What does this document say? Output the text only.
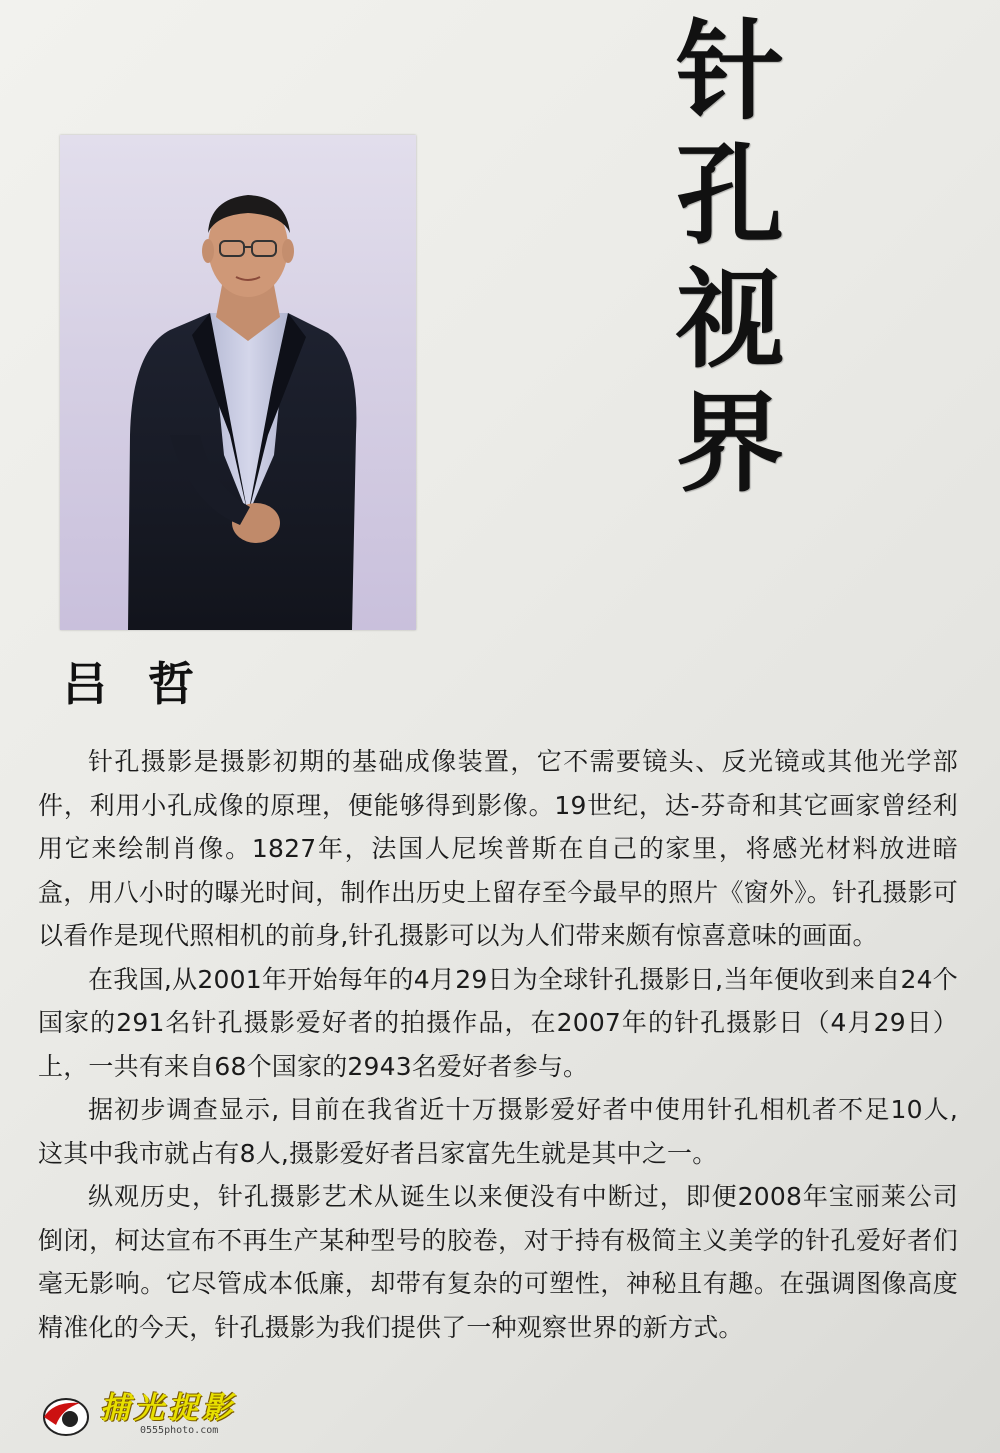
针
孔
视
界
吕哲

针孔摄影是摄影初期的基础成像装置，它不需要镜头、反光镜或其他光学部件，利用小孔成像的原理，便能够得到影像。19世纪，达-芬奇和其它画家曾经利用它来绘制肖像。1827年，法国人尼埃普斯在自己的家里，将感光材料放进暗盒，用八小时的曝光时间，制作出历史上留存至今最早的照片《窗外》。针孔摄影可以看作是现代照相机的前身,针孔摄影可以为人们带来颇有惊喜意味的画面。

在我国,从2001年开始每年的4月29日为全球针孔摄影日,当年便收到来自24个国家的291名针孔摄影爱好者的拍摄作品，在2007年的针孔摄影日（4月29日）上，一共有来自68个国家的2943名爱好者参与。

据初步调查显示, 目前在我省近十万摄影爱好者中使用针孔相机者不足10人, 这其中我市就占有8人,摄影爱好者吕家富先生就是其中之一。

纵观历史，针孔摄影艺术从诞生以来便没有中断过，即便2008年宝丽莱公司倒闭，柯达宣布不再生产某种型号的胶卷，对于持有极简主义美学的针孔爱好者们毫无影响。它尽管成本低廉，却带有复杂的可塑性，神秘且有趣。在强调图像高度精准化的今天，针孔摄影为我们提供了一种观察世界的新方式。

捕光捉影
0555photo.com
